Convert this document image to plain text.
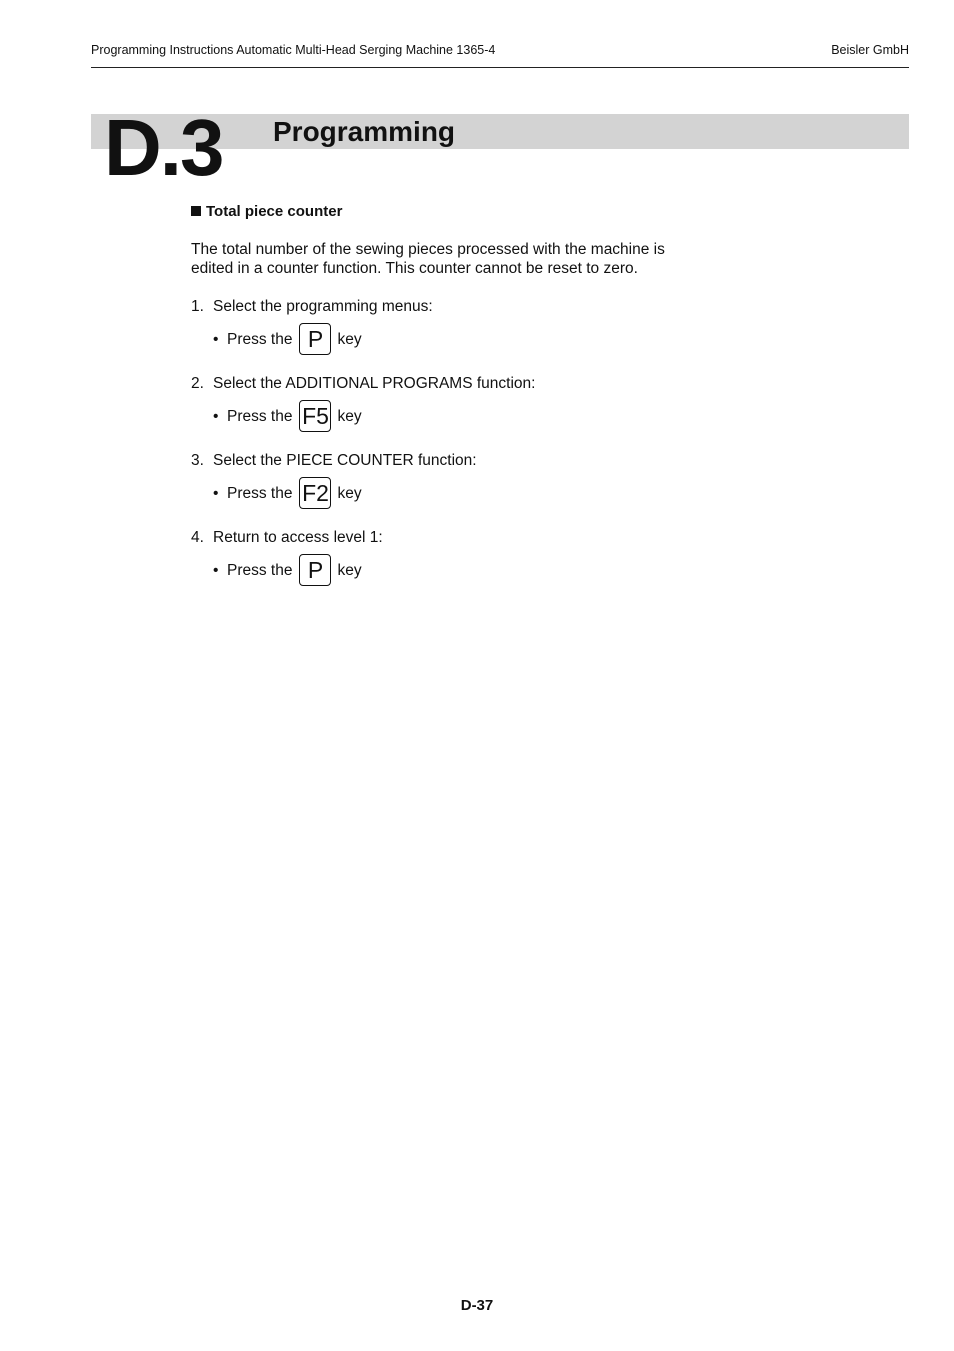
Programming Instructions Automatic Multi-Head Serging Machine 1365-4	Beisler GmbH
D.3 Programming
Total piece counter
The total number of the sewing pieces processed with the machine is
edited in a counter function. This counter cannot be reset to zero.
1. Select the programming menus:
• Press the P key
2. Select the ADDITIONAL PROGRAMS function:
• Press the F5 key
3. Select the PIECE COUNTER function:
• Press the F2 key
4. Return to access level 1:
• Press the P key
D-37
